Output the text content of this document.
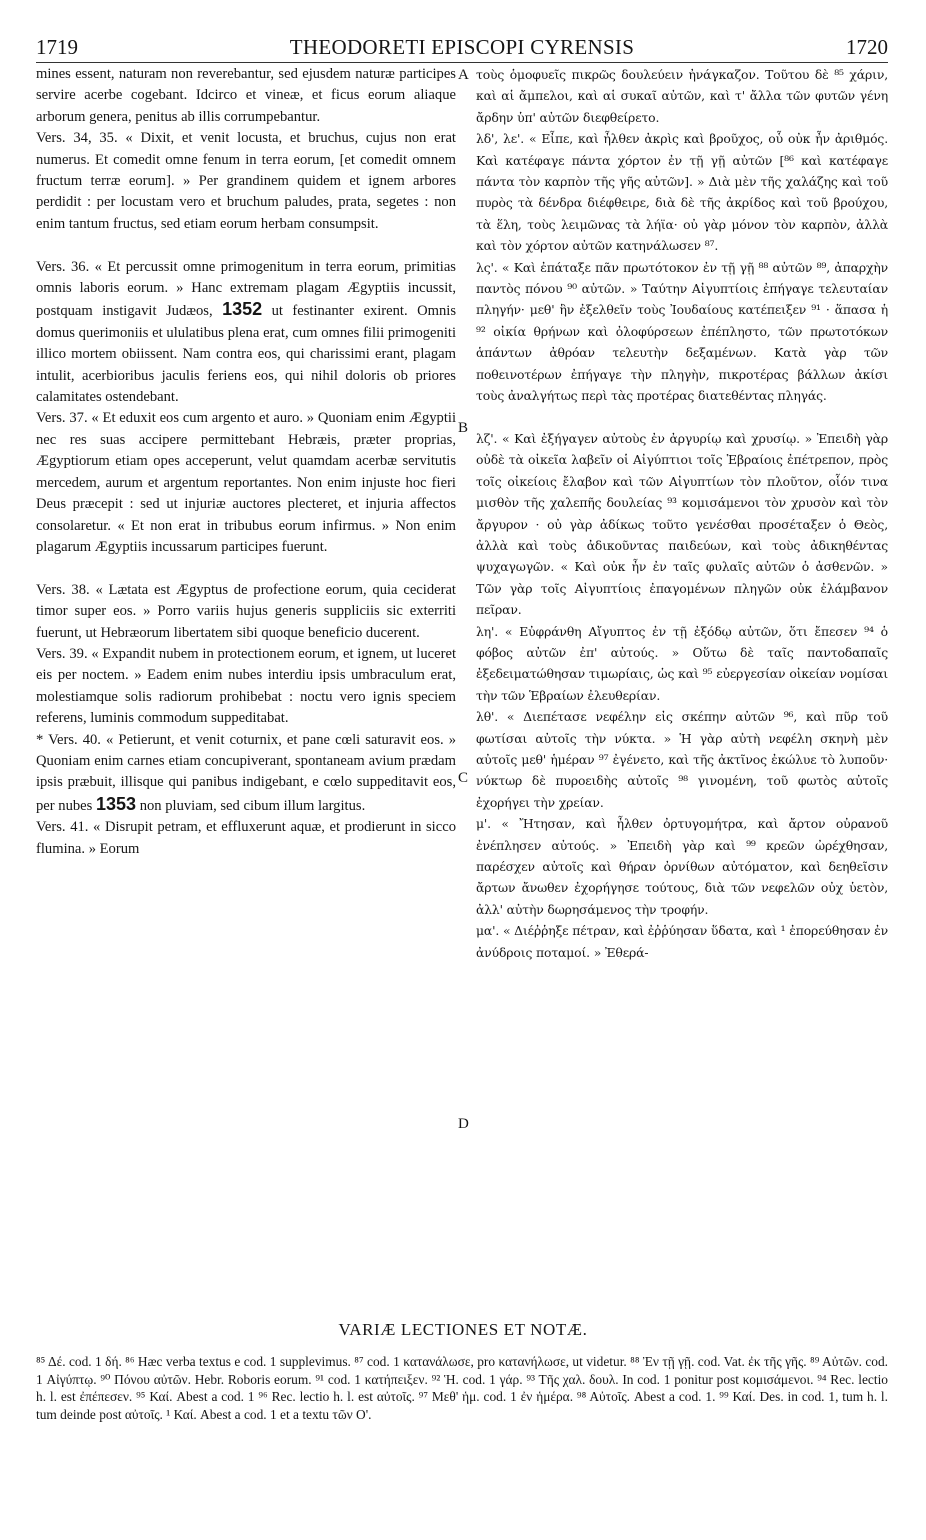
1719	THEODORETI EPISCOPI CYRENSIS	1720

mines essent, naturam non reverebantur, sed ejusdem naturæ participes servire acerbe cogebant. Idcirco et vineæ, et ficus eorum aliaque arborum genera, penitus ab illis corrumpebantur.

Vers. 34, 35. « Dixit, et venit locusta, et bruchus, cujus non erat numerus. Et comedit omne fenum in terra eorum, [et comedit omnem fructum terræ eorum]. » Per grandinem quidem et ignem arbores perdidit : per locustam vero et bruchum paludes, prata, segetes : non enim tantum fructus, sed etiam eorum herbam consumpsit.

Vers. 36. « Et percussit omne primogenitum in terra eorum, primitias omnis laboris eorum. » Hanc extremam plagam Ægyptiis incussit, postquam instigavit Judæos, 1352 ut festinanter exirent. Omnis domus querimoniis et ululatibus plena erat, cum omnes filii primogeniti illico mortem obiissent. Nam contra eos, qui charissimi erant, plagam intulit, acerbioribus jaculis feriens eos, qui nihil doloris ob priores calamitates ostendebant.

Vers. 37. « Et eduxit eos cum argento et auro. » Quoniam enim Ægyptii nec res suas accipere permittebant Hebræis, præter proprias, Ægyptiorum etiam opes acceperunt, velut quamdam acerbæ servitutis mercedem, aurum et argentum reportantes. Non enim injuste hoc fieri Deus præcepit : sed ut injuriæ auctores plecteret, et injuria affectos consolaretur. « Et non erat in tribubus eorum infirmus. » Non enim plagarum Ægyptiis incussarum participes fuerunt.

Vers. 38. « Lætata est Ægyptus de profectione eorum, quia ceciderat timor super eos. » Porro variis hujus generis suppliciis sic exterriti fuerunt, ut Hebræorum libertatem sibi quoque beneficio ducerent.

Vers. 39. « Expandit nubem in protectionem eorum, et ignem, ut luceret eis per noctem. » Eadem enim nubes interdiu ipsis umbraculum erat, molestiamque solis radiorum prohibebat : noctu vero ignis speciem referens, luminis commodum suppeditabat.

* Vers. 40. « Petierunt, et venit coturnix, et pane cœli saturavit eos. » Quoniam enim carnes etiam concupiverant, spontaneam avium prædam ipsis præbuit, illisque qui panibus indigebant, e cœlo suppeditavit eos, per nubes 1353 non pluviam, sed cibum illum largitus.

Vers. 41. « Disrupit petram, et effluxerunt aquæ, et prodierunt in sicco flumina. » Eorum

A
B
C
D

τοὺς ὁμοφυεῖς πικρῶς δουλεύειν ἠνάγκαζον. Τοῦτου δὲ ⁸⁵ χάριν, καὶ αἱ ἄμπελοι, καὶ αἱ συκαῖ αὐτῶν, καὶ τ' ἄλλα τῶν φυτῶν γένη ἄρδην ὑπ' αὐτῶν διεφθείρετο.

λδ', λε'. « Εἶπε, καὶ ἦλθεν ἀκρὶς καὶ βροῦχος, οὗ οὐκ ἦν ἀριθμός. Καὶ κατέφαγε πάντα χόρτον ἐν τῇ γῇ αὐτῶν [⁸⁶ καὶ κατέφαγε πάντα τὸν καρπὸν τῆς γῆς αὐτῶν]. » Διὰ μὲν τῆς χαλάζης καὶ τοῦ πυρὸς τὰ δένδρα διέφθειρε, διὰ δὲ τῆς ἀκρίδος καὶ τοῦ βρούχου, τὰ ἕλη, τοὺς λειμῶνας τὰ λήϊα· οὐ γὰρ μόνον τὸν καρπὸν, ἀλλὰ καὶ τὸν χόρτον αὐτῶν κατηνάλωσεν ⁸⁷.

λς'. « Καὶ ἐπάταξε πᾶν πρωτότοκον ἐν τῇ γῇ ⁸⁸ αὐτῶν ⁸⁹, ἀπαρχὴν παντὸς πόνου ⁹⁰ αὐτῶν. » Ταύτην Αἰγυπτίοις ἐπήγαγε τελευταίαν πληγήν· μεθ' ἣν ἐξελθεῖν τοὺς Ἰουδαίους κατέπειξεν ⁹¹ · ἅπασα ἡ ⁹² οἰκία θρήνων καὶ ὀλοφύρσεων ἐπέπληστο, τῶν πρωτοτόκων ἁπάντων ἀθρόαν τελευτὴν δεξαμένων. Κατὰ γὰρ τῶν ποθεινοτέρων ἐπήγαγε τὴν πληγὴν, πικροτέρας βάλλων ἀκίσι τοὺς ἀναλγήτως περὶ τὰς προτέρας διατεθέντας πληγάς.

λζ'. « Καὶ ἐξήγαγεν αὐτοὺς ἐν ἀργυρίῳ καὶ χρυσίῳ. » Ἐπειδὴ γὰρ οὐδὲ τὰ οἰκεῖα λαβεῖν οἱ Αἰγύπτιοι τοῖς Ἑβραίοις ἐπέτρεπον, πρὸς τοῖς οἰκείοις ἔλαβον καὶ τῶν Αἰγυπτίων τὸν πλοῦτον, οἷόν τινα μισθὸν τῆς χαλεπῆς δουλείας ⁹³ κομισάμενοι τὸν χρυσὸν καὶ τὸν ἄργυρον · οὐ γὰρ ἀδίκως τοῦτο γενέσθαι προσέταξεν ὁ Θεὸς, ἀλλὰ καὶ τοὺς ἀδικοῦντας παιδεύων, καὶ τοὺς ἀδικηθέντας ψυχαγωγῶν. « Καὶ οὐκ ἦν ἐν ταῖς φυλαῖς αὐτῶν ὁ ἀσθενῶν. » Τῶν γὰρ τοῖς Αἰγυπτίοις ἐπαγομένων πληγῶν οὐκ ἐλάμβανον πεῖραν.

λη'. « Εὐφράνθη Αἴγυπτος ἐν τῇ ἐξόδῳ αὐτῶν, ὅτι ἔπεσεν ⁹⁴ ὁ φόβος αὐτῶν ἐπ' αὐτούς. » Οὕτω δὲ ταῖς παντοδαπαῖς ἐξεδειματώθησαν τιμωρίαις, ὡς καὶ ⁹⁵ εὐεργεσίαν οἰκείαν νομίσαι τὴν τῶν Ἑβραίων ἐλευθερίαν.

λθ'. « Διεπέτασε νεφέλην εἰς σκέπην αὐτῶν ⁹⁶, καὶ πῦρ τοῦ φωτίσαι αὐτοῖς τὴν νύκτα. » Ἡ γὰρ αὐτὴ νεφέλη σκηνὴ μὲν αὐτοῖς μεθ' ἡμέραν ⁹⁷ ἐγένετο, καὶ τῆς ἀκτῖνος ἐκώλυε τὸ λυποῦν· νύκτωρ δὲ πυροειδὴς αὐτοῖς ⁹⁸ γινομένη, τοῦ φωτὸς αὐτοῖς ἐχορήγει τὴν χρείαν.

μ'. « Ἤτησαν, καὶ ἦλθεν ὀρτυγομήτρα, καὶ ἄρτον οὐρανοῦ ἐνέπλησεν αὐτούς. » Ἐπειδὴ γὰρ καὶ ⁹⁹ κρεῶν ὠρέχθησαν, παρέσχεν αὐτοῖς καὶ θήραν ὀρνίθων αὐτόματον, καὶ δεηθεῖσιν ἄρτων ἄνωθεν ἐχορήγησε τούτους, διὰ τῶν νεφελῶν οὐχ ὑετὸν, ἀλλ' αὐτὴν δωρησάμενος τὴν τροφήν.

μα'. « Διέῤῥηξε πέτραν, καὶ ἐῤῥύησαν ὕδατα, καὶ ¹ ἐπορεύθησαν ἐν ἀνύδροις ποταμοί. » Ἐθερά-

VARIÆ LECTIONES ET NOTÆ.

⁸⁵ Δέ. cod. 1 δή. ⁸⁶ Hæc verba textus e cod. 1 supplevimus. ⁸⁷ cod. 1 κατανάλωσε, pro κατανήλωσε, ut videtur. ⁸⁸ Ἐν τῇ γῇ. cod. Vat. ἐκ τῆς γῆς. ⁸⁹ Αὐτῶν. cod. 1 Αἰγύπτῳ. ⁹⁰ Πόνου αὐτῶν. Hebr. Roboris eorum. ⁹¹ cod. 1 κατήπειξεν. ⁹² Ἡ. cod. 1 γάρ. ⁹³ Τῆς χαλ. δουλ. In cod. 1 ponitur post κομισάμενοι. ⁹⁴ Rec. lectio h. l. est ἐπέπεσεν. ⁹⁵ Καί. Abest a cod. 1 ⁹⁶ Rec. lectio h. l. est αὐτοῖς. ⁹⁷ Μεθ' ἡμ. cod. 1 ἐν ἡμέρα. ⁹⁸ Αὐτοῖς. Abest a cod. 1. ⁹⁹ Καί. Des. in cod. 1, tum h. l. tum deinde post αὐτοῖς. ¹ Καί. Abest a cod. 1 et a textu τῶν Ο'.
